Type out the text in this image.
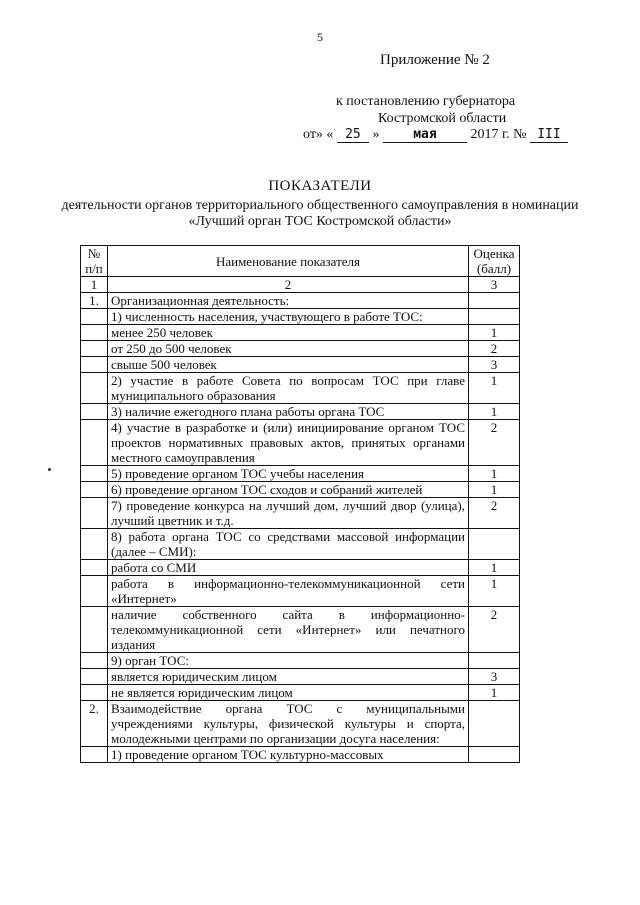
5
Приложение № 2
к постановлению губернатора
Костромской области
от» « 25 »	мая 2017 г. № III
ПОКАЗАТЕЛИ
деятельности органов территориального общественного самоуправления в номинации «Лучший орган ТОС Костромской области»
№ п/п	Наименование показателя	Оценка (балл)
1	2	3
1.	Организационная деятельность:	
	1) численность населения, участвующего в работе ТОС:	
	менее 250 человек	1
	от 250 до 500 человек	2
	свыше 500 человек	3
	2) участие в работе Совета по вопросам ТОС при главе муниципального образования	1
	3) наличие ежегодного плана работы органа ТОС	1
	4) участие в разработке и (или) инициирование органом ТОС проектов нормативных правовых актов, принятых органами местного самоуправления	2
	5) проведение органом ТОС учебы населения	1
	6) проведение органом ТОС сходов и собраний жителей	1
	7) проведение конкурса на лучший дом, лучший двор (улица), лучший цветник и т.д.	2
	8) работа органа ТОС со средствами массовой информации (далее – СМИ):	
	работа со СМИ	1
	работа в информационно-телекоммуникационной сети «Интернет»	1
	наличие собственного сайта в информационно-телекоммуникационной сети «Интернет» или печатного издания	2
	9) орган ТОС:	
	является юридическим лицом	3
	не является юридическим лицом	1
2.	Взаимодействие органа ТОС с муниципальными учреждениями культуры, физической культуры и спорта, молодежными центрами по организации досуга населения:	
	1) проведение органом ТОС культурно-массовых	
